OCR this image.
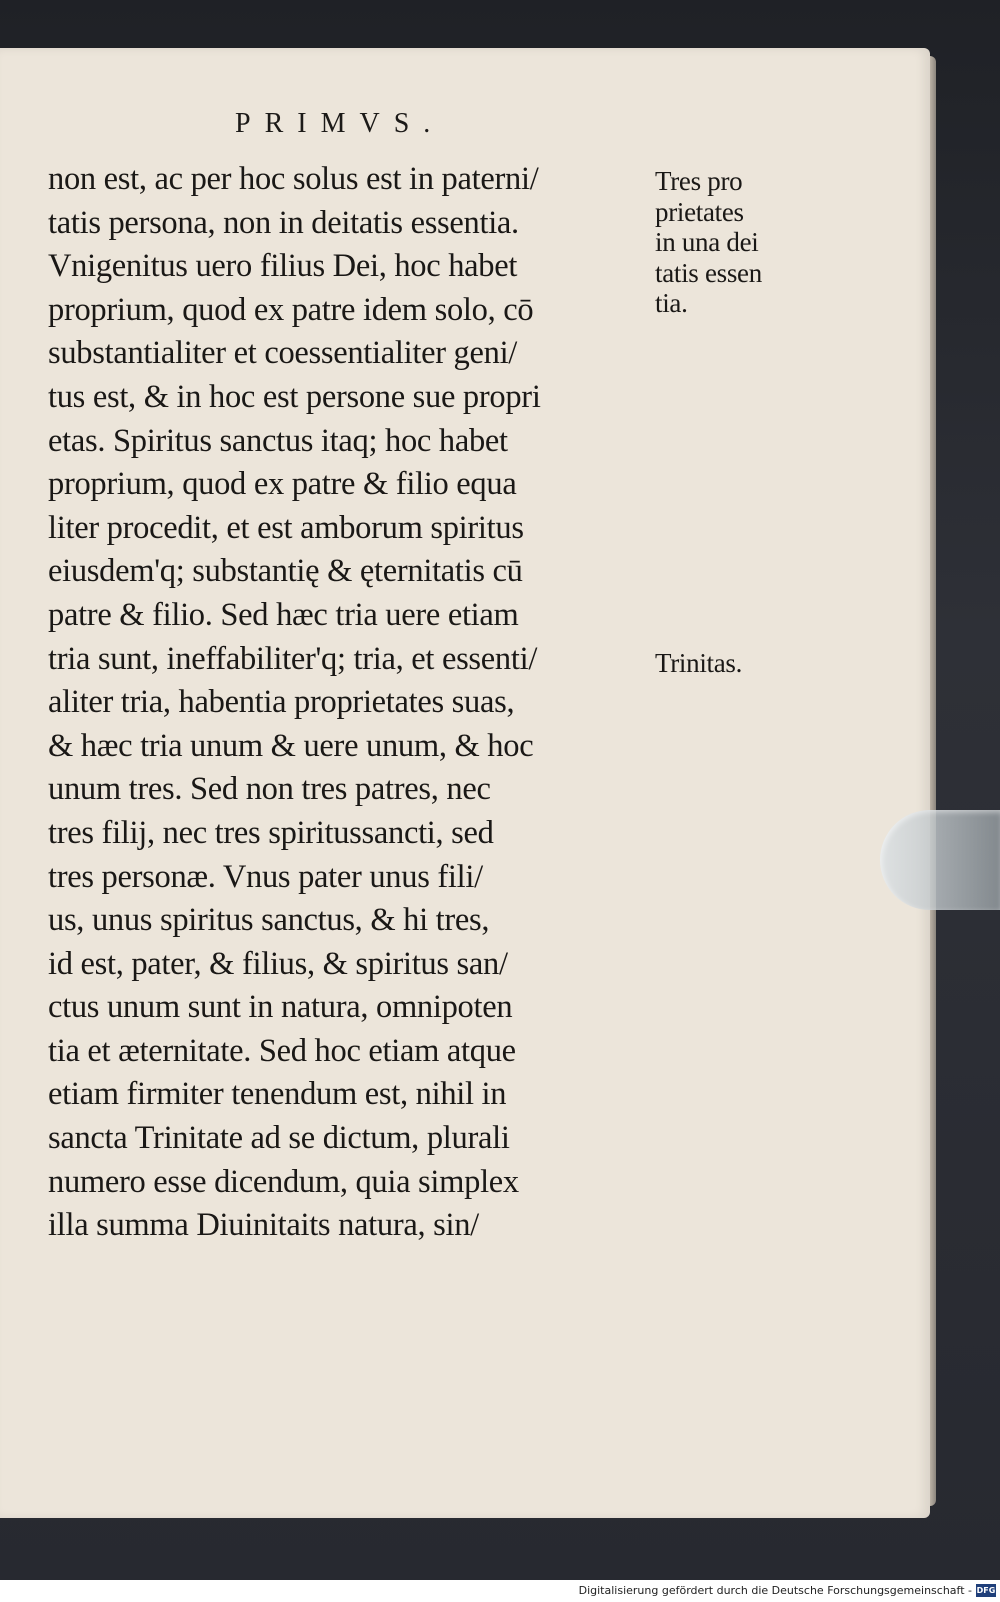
PRIMVS.
non est, ac per hoc solus est in paterni/
tatis persona, non in deitatis essentia.
Vnigenitus uero filius Dei, hoc habet
proprium, quod ex patre idem solo, cō
substantialiter et coessentialiter geni/
tus est, & in hoc est persone sue propri
etas. Spiritus sanctus itaq; hoc habet
proprium, quod ex patre & filio equa
liter procedit, et est amborum spiritus
eiusdem'q; substantię & ęternitatis cū
patre & filio. Sed hæc tria uere etiam
tria sunt, ineffabiliter'q; tria, et essenti/
aliter tria, habentia proprietates suas,
& hæc tria unum & uere unum, & hoc
unum tres. Sed non tres patres, nec
tres filij, nec tres spiritussancti, sed
tres personæ. Vnus pater unus fili/
us, unus spiritus sanctus, & hi tres,
id est, pater, & filius, & spiritus san/
ctus unum sunt in natura, omnipoten
tia et æternitate. Sed hoc etiam atque
etiam firmiter tenendum est, nihil in
sancta Trinitate ad se dictum, plurali
numero esse dicendum, quia simplex
illa summa Diuinitaits natura, sin/
Tres pro
prietates
in una dei
tatis essen
tia.
Trinitas.
Digitalisierung gefördert durch die Deutsche Forschungsgemeinschaft - DFG
